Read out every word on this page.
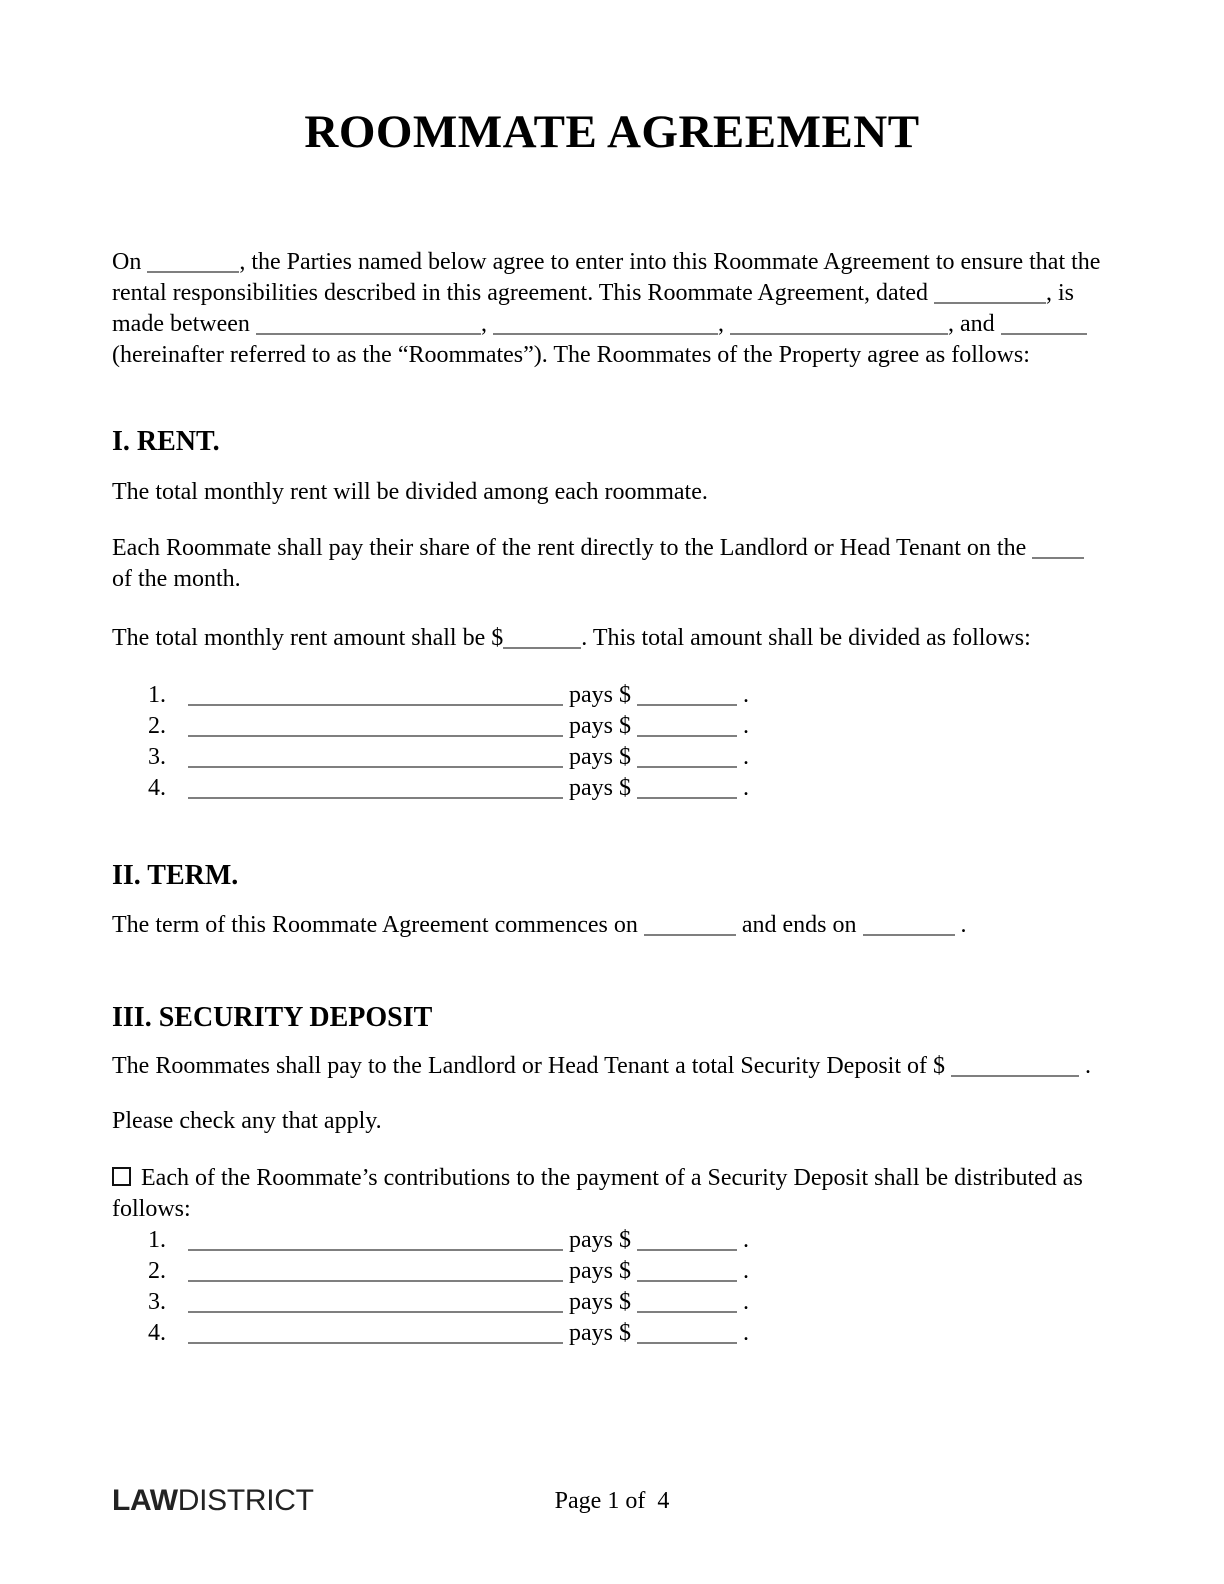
ROOMMATE AGREEMENT
On	, the Parties named below agree to enter into this Roommate Agreement to ensure that the
rental responsibilities described in this agreement. This Roommate Agreement, dated	, is
made between	,	,	, and
(hereinafter referred to as the “Roommates”). The Roommates of the Property agree as follows:
I. RENT.
The total monthly rent will be divided among each roommate.
Each Roommate shall pay their share of the rent directly to the Landlord or Head Tenant on the
of the month.
The total monthly rent amount shall be $	. This total amount shall be divided as follows:
1.	pays $	.
2.	pays $	.
3.	pays $	.
4.	pays $	.
II. TERM.
The term of this Roommate Agreement commences on	and ends on	.
III. SECURITY DEPOSIT
The Roommates shall pay to the Landlord or Head Tenant a total Security Deposit of $	.
Please check any that apply.
Each of the Roommate’s contributions to the payment of a Security Deposit shall be distributed as
follows:
1.	pays $	.
2.	pays $	.
3.	pays $	.
4.	pays $	.
Page 1 of  4
LAWDISTRICT
